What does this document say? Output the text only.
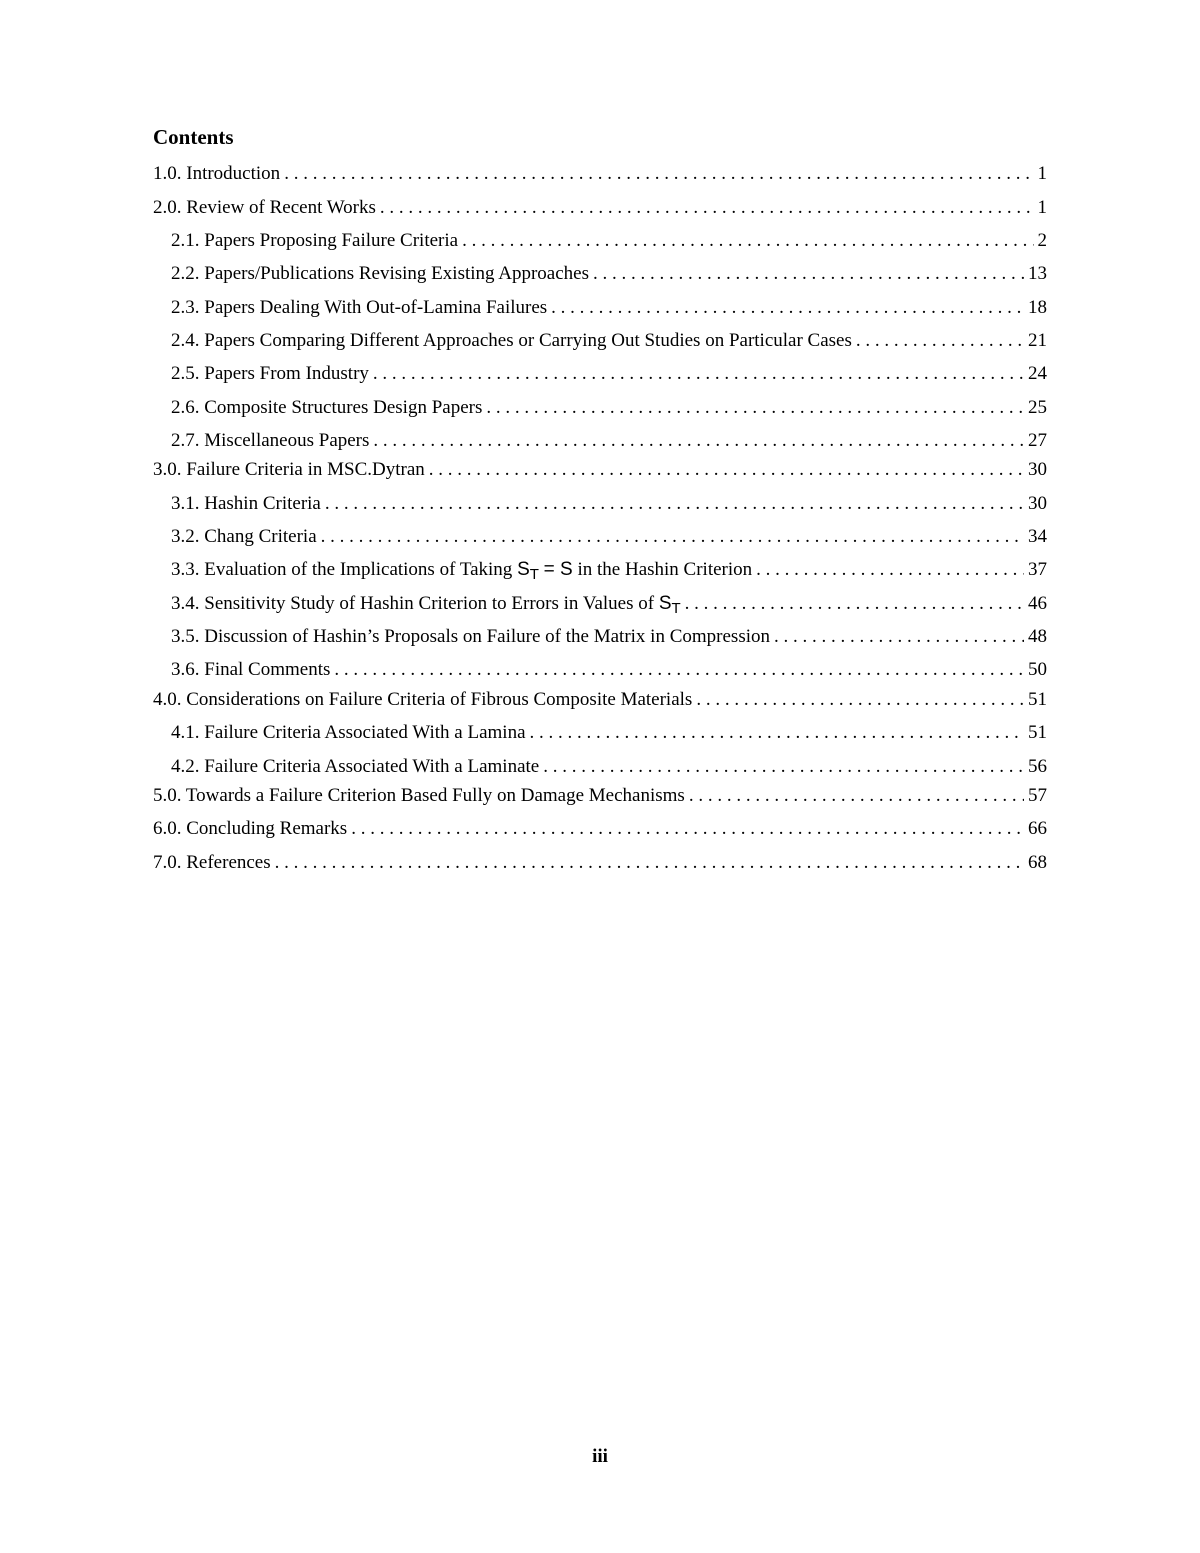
Contents
1.0. Introduction . . .	1
2.0. Review of Recent Works . . .	1
2.1. Papers Proposing Failure Criteria . . .	2
2.2. Papers/Publications Revising Existing Approaches . . .	13
2.3. Papers Dealing With Out-of-Lamina Failures . . .	18
2.4. Papers Comparing Different Approaches or Carrying Out Studies on Particular Cases . . .	21
2.5. Papers From Industry . . .	24
2.6. Composite Structures Design Papers . . .	25
2.7. Miscellaneous Papers . . .	27
3.0. Failure Criteria in MSC.Dytran . . .	30
3.1. Hashin Criteria . . .	30
3.2. Chang Criteria . . .	34
3.3. Evaluation of the Implications of Taking $S_T = S$ in the Hashin Criterion . . .	37
3.4. Sensitivity Study of Hashin Criterion to Errors in Values of $S_T$ . . .	46
3.5. Discussion of Hashin’s Proposals on Failure of the Matrix in Compression . . .	48
3.6. Final Comments . . .	50
4.0. Considerations on Failure Criteria of Fibrous Composite Materials . . .	51
4.1. Failure Criteria Associated With a Lamina . . .	51
4.2. Failure Criteria Associated With a Laminate . . .	56
5.0. Towards a Failure Criterion Based Fully on Damage Mechanisms . . .	57
6.0. Concluding Remarks . . .	66
7.0. References . . .	68
iii
